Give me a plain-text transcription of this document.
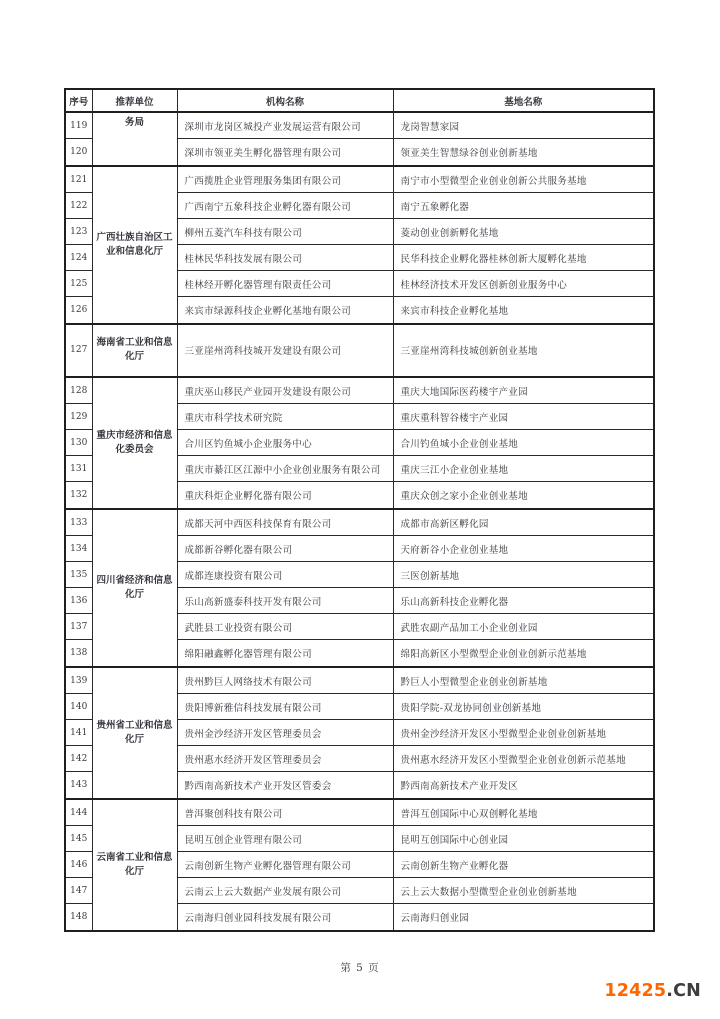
序号	推荐单位	机构名称	基地名称
119	务局	深圳市龙岗区城投产业发展运营有限公司	龙岗智慧家园
120		深圳市领亚美生孵化器管理有限公司	领亚美生智慧绿谷创业创新基地
121	广西壮族自治区工业和信息化厅	广西揽胜企业管理服务集团有限公司	南宁市小型微型企业创业创新公共服务基地
122		广西南宁五象科技企业孵化器有限公司	南宁五象孵化器
123		柳州五菱汽车科技有限公司	菱动创业创新孵化基地
124		桂林民华科技发展有限公司	民华科技企业孵化器桂林创新大厦孵化基地
125		桂林经开孵化器管理有限责任公司	桂林经济技术开发区创新创业服务中心
126		来宾市绿源科技企业孵化基地有限公司	来宾市科技企业孵化基地
127	海南省工业和信息化厅	三亚崖州湾科技城开发建设有限公司	三亚崖州湾科技城创新创业基地
128	重庆市经济和信息化委员会	重庆巫山移民产业园开发建设有限公司	重庆大地国际医药楼宇产业园
129		重庆市科学技术研究院	重庆重科智谷楼宇产业园
130		合川区钓鱼城小企业服务中心	合川钓鱼城小企业创业基地
131		重庆市綦江区江源中小企业创业服务有限公司	重庆三江小企业创业基地
132		重庆科炬企业孵化器有限公司	重庆众创之家小企业创业基地
133	四川省经济和信息化厅	成都天河中西医科技保育有限公司	成都市高新区孵化园
134		成都新谷孵化器有限公司	天府新谷小企业创业基地
135		成都连康投资有限公司	三医创新基地
136		乐山高新盛泰科技开发有限公司	乐山高新科技企业孵化器
137		武胜县工业投资有限公司	武胜农副产品加工小企业创业园
138		绵阳融鑫孵化器管理有限公司	绵阳高新区小型微型企业创业创新示范基地
139	贵州省工业和信息化厅	贵州黔巨人网络技术有限公司	黔巨人小型微型企业创业创新基地
140		贵阳博新雅信科技发展有限公司	贵阳学院-双龙协同创业创新基地
141		贵州金沙经济开发区管理委员会	贵州金沙经济开发区小型微型企业创业创新基地
142		贵州惠水经济开发区管理委员会	贵州惠水经济开发区小型微型企业创业创新示范基地
143		黔西南高新技术产业开发区管委会	黔西南高新技术产业开发区
144	云南省工业和信息化厅	普洱聚创科技有限公司	普洱互创国际中心双创孵化基地
145		昆明互创企业管理有限公司	昆明互创国际中心创业园
146		云南创新生物产业孵化器管理有限公司	云南创新生物产业孵化器
147		云南云上云大数据产业发展有限公司	云上云大数据小型微型企业创业创新基地
148		云南海归创业园科技发展有限公司	云南海归创业园
第 5 页
12425.CN
